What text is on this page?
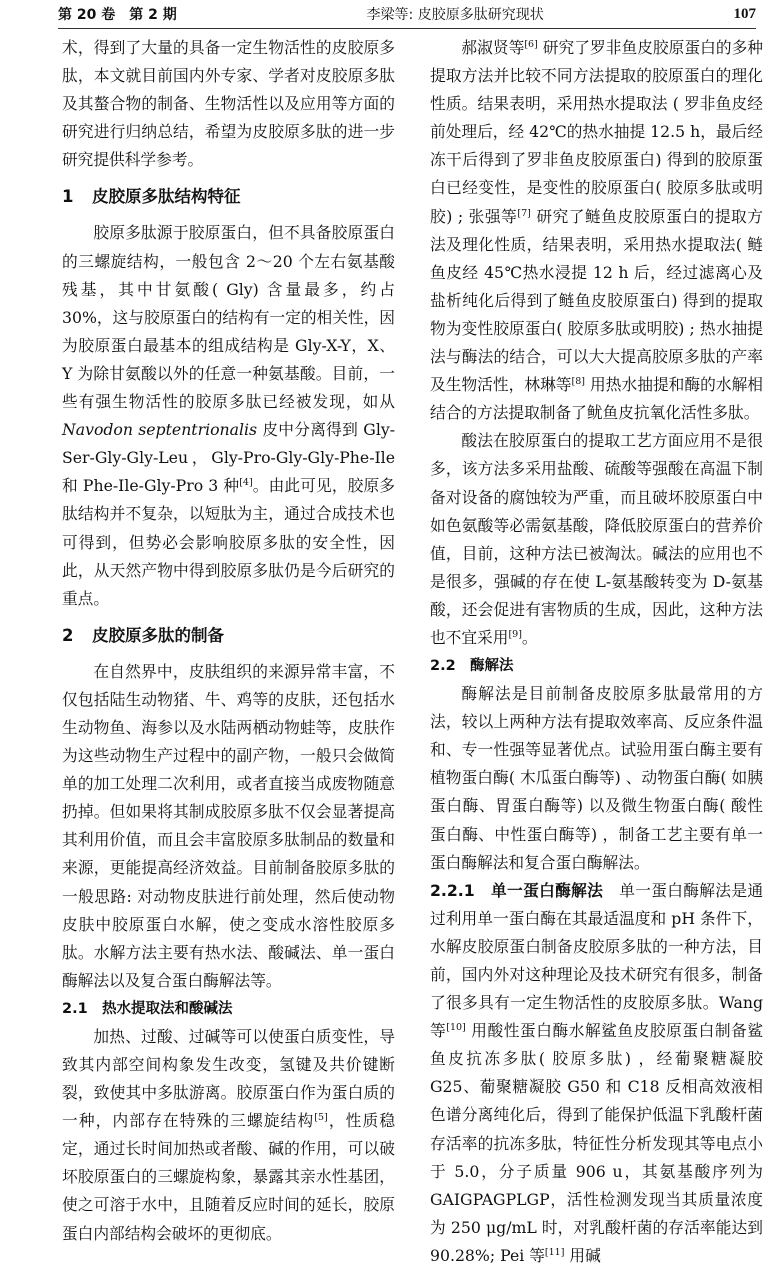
第 20 卷　第 2 期	李梁等: 皮胶原多肽研究现状	107

术，得到了大量的具备一定生物活性的皮胶原多肽，本文就目前国内外专家、学者对皮胶原多肽及其螯合物的制备、生物活性以及应用等方面的研究进行归纳总结，希望为皮胶原多肽的进一步研究提供科学参考。

1 皮胶原多肽结构特征

胶原多肽源于胶原蛋白，但不具备胶原蛋白的三螺旋结构，一般包含 2～20 个左右氨基酸残基，其中甘氨酸( Gly) 含量最多，约占 30%，这与胶原蛋白的结构有一定的相关性，因为胶原蛋白最基本的组成结构是 Gly-X-Y，X、Y 为除甘氨酸以外的任意一种氨基酸。目前，一些有强生物活性的胶原多肽已经被发现，如从 Navodon septentrionalis 皮中分离得到 Gly-Ser-Gly-Gly-Leu，Gly-Pro-Gly-Gly-Phe-Ile 和 Phe-Ile-Gly-Pro 3 种[4]。由此可见，胶原多肽结构并不复杂，以短肽为主，通过合成技术也可得到，但势必会影响胶原多肽的安全性，因此，从天然产物中得到胶原多肽仍是今后研究的重点。

2 皮胶原多肽的制备

在自然界中，皮肤组织的来源异常丰富，不仅包括陆生动物猪、牛、鸡等的皮肤，还包括水生动物鱼、海参以及水陆两栖动物蛙等，皮肤作为这些动物生产过程中的副产物，一般只会做简单的加工处理二次利用，或者直接当成废物随意扔掉。但如果将其制成胶原多肽不仅会显著提高其利用价值，而且会丰富胶原多肽制品的数量和来源，更能提高经济效益。目前制备胶原多肽的一般思路: 对动物皮肤进行前处理，然后使动物皮肤中胶原蛋白水解，使之变成水溶性胶原多肽。水解方法主要有热水法、酸碱法、单一蛋白酶解法以及复合蛋白酶解法等。

2.1 热水提取法和酸碱法

加热、过酸、过碱等可以使蛋白质变性，导致其内部空间构象发生改变，氢键及共价键断裂，致使其中多肽游离。胶原蛋白作为蛋白质的一种，内部存在特殊的三螺旋结构[5]，性质稳定，通过长时间加热或者酸、碱的作用，可以破坏胶原蛋白的三螺旋构象，暴露其亲水性基团，使之可溶于水中，且随着反应时间的延长，胶原蛋白内部结构会破坏的更彻底。

郝淑贤等[6] 研究了罗非鱼皮胶原蛋白的多种提取方法并比较不同方法提取的胶原蛋白的理化性质。结果表明，采用热水提取法 ( 罗非鱼皮经前处理后，经 42℃的热水抽提 12.5 h，最后经冻干后得到了罗非鱼皮胶原蛋白) 得到的胶原蛋白已经变性，是变性的胶原蛋白( 胶原多肽或明胶) ; 张强等[7] 研究了鲢鱼皮胶原蛋白的提取方法及理化性质，结果表明，采用热水提取法( 鲢鱼皮经 45℃热水浸提 12 h 后，经过滤离心及盐析纯化后得到了鲢鱼皮胶原蛋白) 得到的提取物为变性胶原蛋白( 胶原多肽或明胶) ; 热水抽提法与酶法的结合，可以大大提高胶原多肽的产率及生物活性，林琳等[8] 用热水抽提和酶的水解相结合的方法提取制备了鱿鱼皮抗氧化活性多肽。

酸法在胶原蛋白的提取工艺方面应用不是很多，该方法多采用盐酸、硫酸等强酸在高温下制备对设备的腐蚀较为严重，而且破坏胶原蛋白中如色氨酸等必需氨基酸，降低胶原蛋白的营养价值，目前，这种方法已被淘汰。碱法的应用也不是很多，强碱的存在使 L-氨基酸转变为 D-氨基酸，还会促进有害物质的生成，因此，这种方法也不宜采用[9]。

2.2 酶解法

酶解法是目前制备皮胶原多肽最常用的方法，较以上两种方法有提取效率高、反应条件温和、专一性强等显著优点。试验用蛋白酶主要有植物蛋白酶( 木瓜蛋白酶等) 、动物蛋白酶( 如胰蛋白酶、胃蛋白酶等) 以及微生物蛋白酶( 酸性蛋白酶、中性蛋白酶等) ，制备工艺主要有单一蛋白酶解法和复合蛋白酶解法。

2.2.1　 单一蛋白酶解法　单一蛋白酶解法是通过利用单一蛋白酶在其最适温度和 pH 条件下，水解皮胶原蛋白制备皮胶原多肽的一种方法，目前，国内外对这种理论及技术研究有很多，制备了很多具有一定生物活性的皮胶原多肽。Wang 等[10] 用酸性蛋白酶水解鲨鱼皮胶原蛋白制备鲨鱼皮抗冻多肽( 胶原多肽) ，经葡聚糖凝胶 G25、葡聚糖凝胶 G50 和 C18 反相高效液相色谱分离纯化后，得到了能保护低温下乳酸杆菌存活率的抗冻多肽，特征性分析发现其等电点小于 5.0，分子质量 906 u，其氨基酸序列为 GAIGPAGPLGP，活性检测发现当其质量浓度为 250 μg/mL 时，对乳酸杆菌的存活率能达到 90.28%; Pei 等[11] 用碱
